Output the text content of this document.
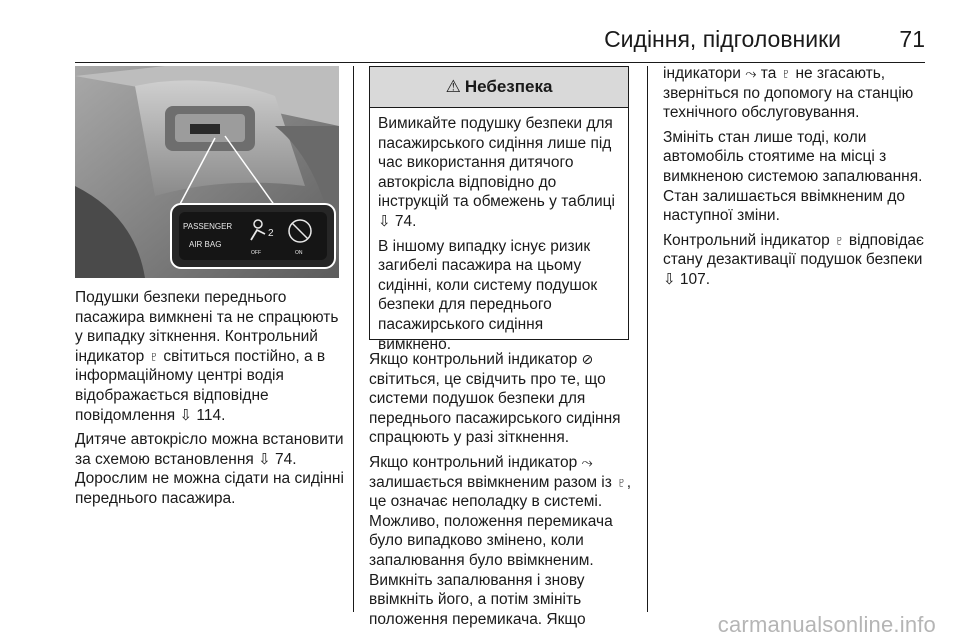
Сидіння, підголовники	71
PASSENGER
AIR BAG
2
OFF	ON

Подушки безпеки переднього пасажира вимкнені та не спрацюють у випадку зіткнення. Контрольний індикатор ♇ світиться постійно, а в інформаційному центрі водія відображається відповідне повідомлення ⇩ 114.

Дитяче автокрісло можна встановити за схемою встановлення ⇩ 74. Дорослим не можна сідати на сидінні переднього пасажира.

⚠ Небезпека

Вимикайте подушку безпеки для пасажирського сидіння лише під час використання дитячого автокрісла відповідно до інструкцій та обмежень у таблиці ⇩ 74.

В іншому випадку існує ризик загибелі пасажира на цьому сидінні, коли систему подушок безпеки для переднього пасажирського сидіння вимкнено.

Якщо контрольний індикатор ⊘ світиться, це свідчить про те, що системи подушок безпеки для переднього пасажирського сидіння спрацюють у разі зіткнення.

Якщо контрольний індикатор ⤳ залишається ввімкненим разом із ♇, це означає неполадку в системі. Можливо, положення перемикача було випадково змінено, коли запалювання було ввімкненим. Вимкніть запалювання і знову ввімкніть його, а потім змініть положення перемикача. Якщо

індикатори ⤳ та ♇ не згасають, зверніться по допомогу на станцію технічного обслуговування.

Змініть стан лише тоді, коли автомобіль стоятиме на місці з вимкненою системою запалювання. Стан залишається ввімкненим до наступної зміни.

Контрольний індикатор ♇ відповідає стану дезактивації подушок безпеки ⇩ 107.

carmanualsonline.info
